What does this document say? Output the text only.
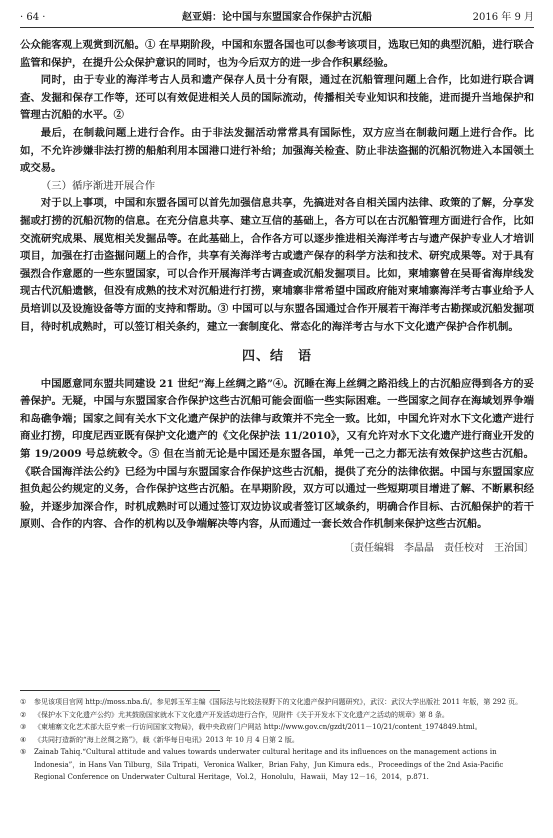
· 64 ·	赵亚娟：论中国与东盟国家合作保护古沉船	2016 年 9 月

公众能客观上观赏到沉船。① 在早期阶段，中国和东盟各国也可以参考该项目，选取已知的典型沉船，进行联合监管和保护，在提升公众保护意识的同时，也为今后双方的进一步合作积累经验。

同时，由于专业的海洋考古人员和遗产保存人员十分有限，通过在沉船管理问题上合作，比如进行联合调查、发掘和保存工作等，还可以有效促进相关人员的国际流动，传播相关专业知识和技能，进而提升当地保护和管理古沉船的水平。②

最后，在制裁问题上进行合作。由于非法发掘活动常常具有国际性，双方应当在制裁问题上进行合作。比如，不允许涉嫌非法打捞的船舶利用本国港口进行补给；加强海关检查、防止非法盗掘的沉船沉物进入本国领土或交易。

（三）循序渐进开展合作

对于以上事项，中国和东盟各国可以首先加强信息共享，先搞进对各自相关国内法律、政策的了解，分享发掘或打捞的沉船沉物的信息。在充分信息共享、建立互信的基础上，各方可以在古沉船管理方面进行合作，比如交流研究成果、展览相关发掘品等。在此基础上，合作各方可以逐步推进相关海洋考古与遗产保护专业人才培训项目，加强在打击盗掘问题上的合作，共享有关海洋考古或遗产保存的科学方法和技术、研究成果等。对于具有强烈合作意愿的一些东盟国家，可以合作开展海洋考古调查或沉船发掘项目。比如，柬埔寨曾在吴哥省海岸线发现古代沉船遗骸，但没有成熟的技术对沉船进行打捞，柬埔寨非常希望中国政府能对柬埔寨海洋考古事业给予人员培训以及设施设备等方面的支持和帮助。③ 中国可以与东盟各国通过合作开展若干海洋考古勘探或沉船发掘项目，待时机成熟时，可以签订相关条约，建立一套制度化、常态化的海洋考古与水下文化遗产保护合作机制。

四、结　语

中国愿意同东盟共同建设 21 世纪“海上丝绸之路”④。沉睡在海上丝绸之路沿线上的古沉船应得到各方的妥善保护。无疑，中国与东盟国家合作保护这些古沉船可能会面临一些实际困难。一些国家之间存在海域划界争端和岛礁争端；国家之间有关水下文化遗产保护的法律与政策并不完全一致。比如，中国允许对水下文化遗产进行商业打捞，印度尼西亚既有保护文化遗产的《文化保护法 11/2010》，又有允许对水下文化遗产进行商业开发的第 19/2009 号总统敕令。⑤ 但在当前无论是中国还是东盟各国，单凭一己之力都无法有效保护这些古沉船。《联合国海洋法公约》已经为中国与东盟国家合作保护这些古沉船，提供了充分的法律依据。中国与东盟国家应担负起公约规定的义务，合作保护这些古沉船。在早期阶段，双方可以通过一些短期项目增进了解、不断累积经验，并逐步加深合作，时机成熟时可以通过签订双边协议或者签订区域条约，明确合作目标、古沉船保护的若干原则、合作的内容、合作的机构以及争端解决等内容，从而通过一套长效合作机制来保护这些古沉船。

〔责任编辑　李晶晶　责任校对　王治国〕
①	参见该项目官网 http://moss.nba.fi/。参见郭玉军主编《国际法与比较法视野下的文化遗产保护问题研究》，武汉：武汉大学出版社 2011 年版，第 292 页。
②	《保护水下文化遗产公约》尤其鼓励国家就水下文化遗产开发活动进行合作，见附件《关于开发水下文化遗产之活动的规章》第 8 条。
③	《柬埔寨文化艺术部大臣亨索一行访问国家文物局》，载中央政府门户网站 http://www.gov.cn/gzdt/2011－10/21/content_1974849.html。
④	《共同打造新的“海上丝绸之路”》，载《新华每日电讯》2013 年 10 月 4 日第 2 版。
⑤	Zainab Tahiq.“Cultural attitude and values towards underwater cultural heritage and its influences on the management actions in Indonesia”，in Hans Van Tilburg，Sila Tripati，Veronica Walker，Brian Fahy，Jun Kimura eds.，Proceedings of the 2nd Asia-Pacific Regional Conference on Underwater Cultural Heritage，Vol.2，Honolulu，Hawaii，May 12－16，2014，p.871.
